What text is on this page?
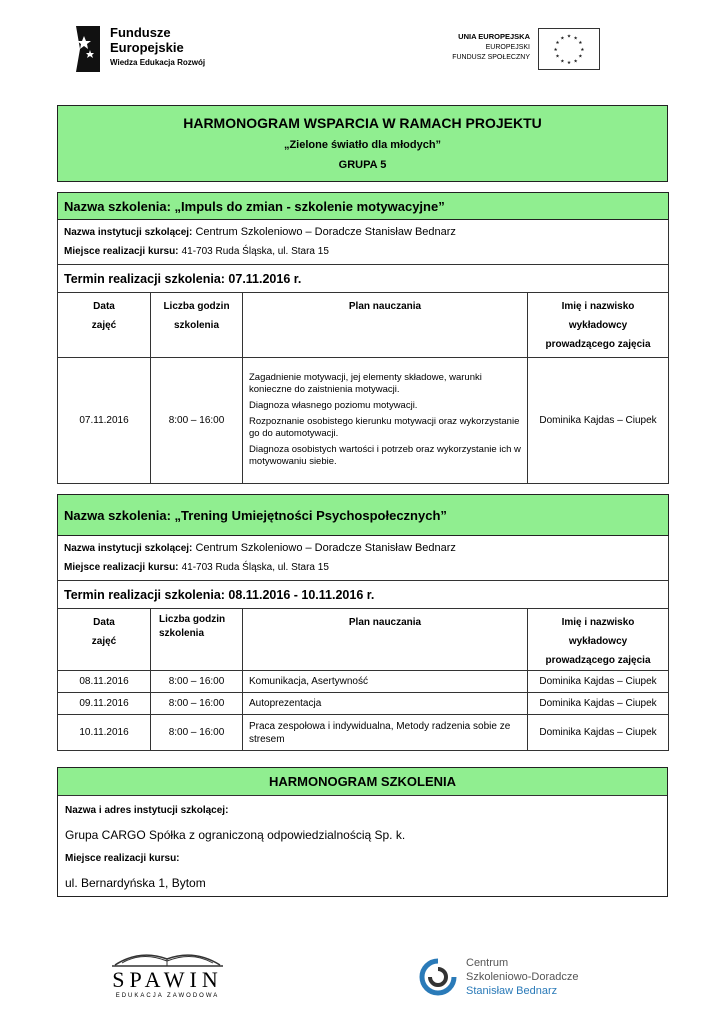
Fundusze
Europejskie
Wiedza Edukacja Rozwój
UNIA EUROPEJSKA
EUROPEJSKI
FUNDUSZ SPOŁECZNY
★ ★
★
★
★
★
★
★
★
★
★
★
HARMONOGRAM WSPARCIA W RAMACH PROJEKTU
„Zielone światło dla młodych”
GRUPA 5
Nazwa szkolenia: „Impuls do zmian - szkolenie motywacyjne”			
Nazwa instytucji szkolącej: Centrum Szkoleniowo – Doradcze Stanisław Bednarz
Miejsce realizacji kursu: 41-703 Ruda Śląska, ul. Stara 15			
Termin realizacji szkolenia: 07.11.2016 r.			
Data
zajęć	Liczba godzin
szkolenia	Plan nauczania	Imię i nazwisko
wykładowcy
prowadzącego zajęcia
07.11.2016	8:00 – 16:00	Zagadnienie motywacji, jej elementy składowe, warunki konieczne do zaistnienia motywacji.

Diagnoza własnego poziomu motywacji.

Rozpoznanie osobistego kierunku motywacji oraz wykorzystanie go do automotywacji.

Diagnoza osobistych wartości i potrzeb oraz wykorzystanie ich w motywowaniu siebie.	Dominika Kajdas – Ciupek
Nazwa szkolenia: „Trening Umiejętności Psychospołecznych”			
Nazwa instytucji szkolącej: Centrum Szkoleniowo – Doradcze Stanisław Bednarz
Miejsce realizacji kursu: 41-703 Ruda Śląska, ul. Stara 15			
Termin realizacji szkolenia: 08.11.2016 - 10.11.2016 r.			
Data
zajęć	Liczba godzin
szkolenia	Plan nauczania	Imię i nazwisko
wykładowcy
prowadzącego zajęcia
08.11.2016	8:00 – 16:00	Komunikacja, Asertywność	Dominika Kajdas – Ciupek
09.11.2016	8:00 – 16:00	Autoprezentacja	Dominika Kajdas – Ciupek
10.11.2016	8:00 – 16:00	Praca zespołowa i indywidualna, Metody radzenia sobie ze stresem	Dominika Kajdas – Ciupek
HARMONOGRAM SZKOLENIA
Nazwa i adres instytucji szkolącej:
Grupa CARGO Spółka z ograniczoną odpowiedzialnością Sp. k.
Miejsce realizacji kursu:
ul. Bernardyńska 1, Bytom
SPAWIN
EDUKACJA ZAWODOWA
Centrum
Szkoleniowo-Doradcze
Stanisław Bednarz
